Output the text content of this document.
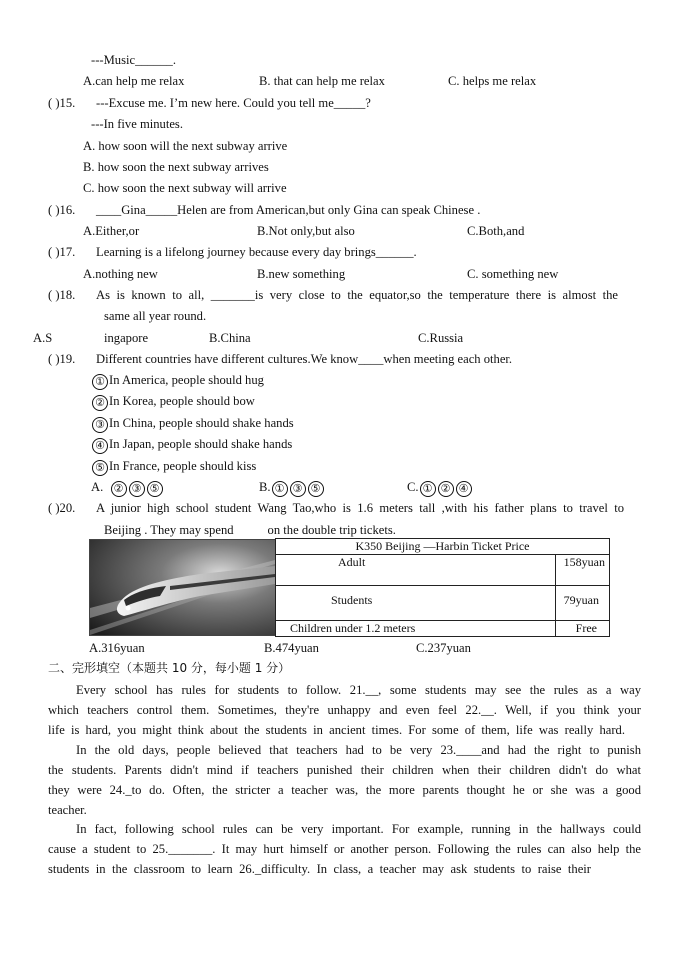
---Music______.
A.can help me relax	B. that can help me relax	C. helps me relax
( )15. ---Excuse me. I’m new here. Could you tell me_____?
---In five minutes.
A. how soon will the next subway arrive
B. how soon the next subway arrives
C. how soon the next subway will arrive
( )16. ____Gina_____Helen are from American,but only Gina can speak Chinese .
A.Either,or	B.Not only,but also	C.Both,and
( )17. Learning is a lifelong journey because every day brings______.
A.nothing new	B.new something	C. something new
( )18. As is known to all, _______is very close to the equator,so the temperature there is almost the
same all year round.
A.S	ingapore	B.China	C.Russia
( )19. Different countries have different cultures.We know____when meeting each other.
① In America, people should hug
② In Korea, people should bow
③ In China, people should shake hands
④ In Japan, people should shake hands
⑤ In France, people should kiss
A. ② ③ ⑤	B. ① ③ ⑤	C. ① ② ④
( )20. A junior high school student Wang Tao,who is 1.6 meters tall ,with his father plans to travel to
Beijing . They may spend	on the double trip tickets.
K350 Beijing —Harbin Ticket Price	
Adult	158yuan
Students	79yuan
Children under 1.2 meters	Free
A.316yuan	B.474yuan	C.237yuan
二、完形填空（本题共 10 分，每小题 1 分）
Every school has rules for students to follow. 21.__, some students may see the rules as a way
which teachers control them. Sometimes, they're unhappy and even feel 22.__. Well, if you think your
life is hard, you might think about the students in ancient times. For some of them, life was really hard.
In the old days, people believed that teachers had to be very 23.____and had the right to punish
the students. Parents didn't mind if teachers punished their children when their children didn't do what
they were 24._to do. Often, the stricter a teacher was, the more parents thought he or she was a good
teacher.
In fact, following school rules can be very important. For example, running in the hallways could
cause a student to 25._______. It may hurt himself or another person. Following the rules can also help the
students in the classroom to learn 26._difficulty. In class, a teacher may ask students to raise their
